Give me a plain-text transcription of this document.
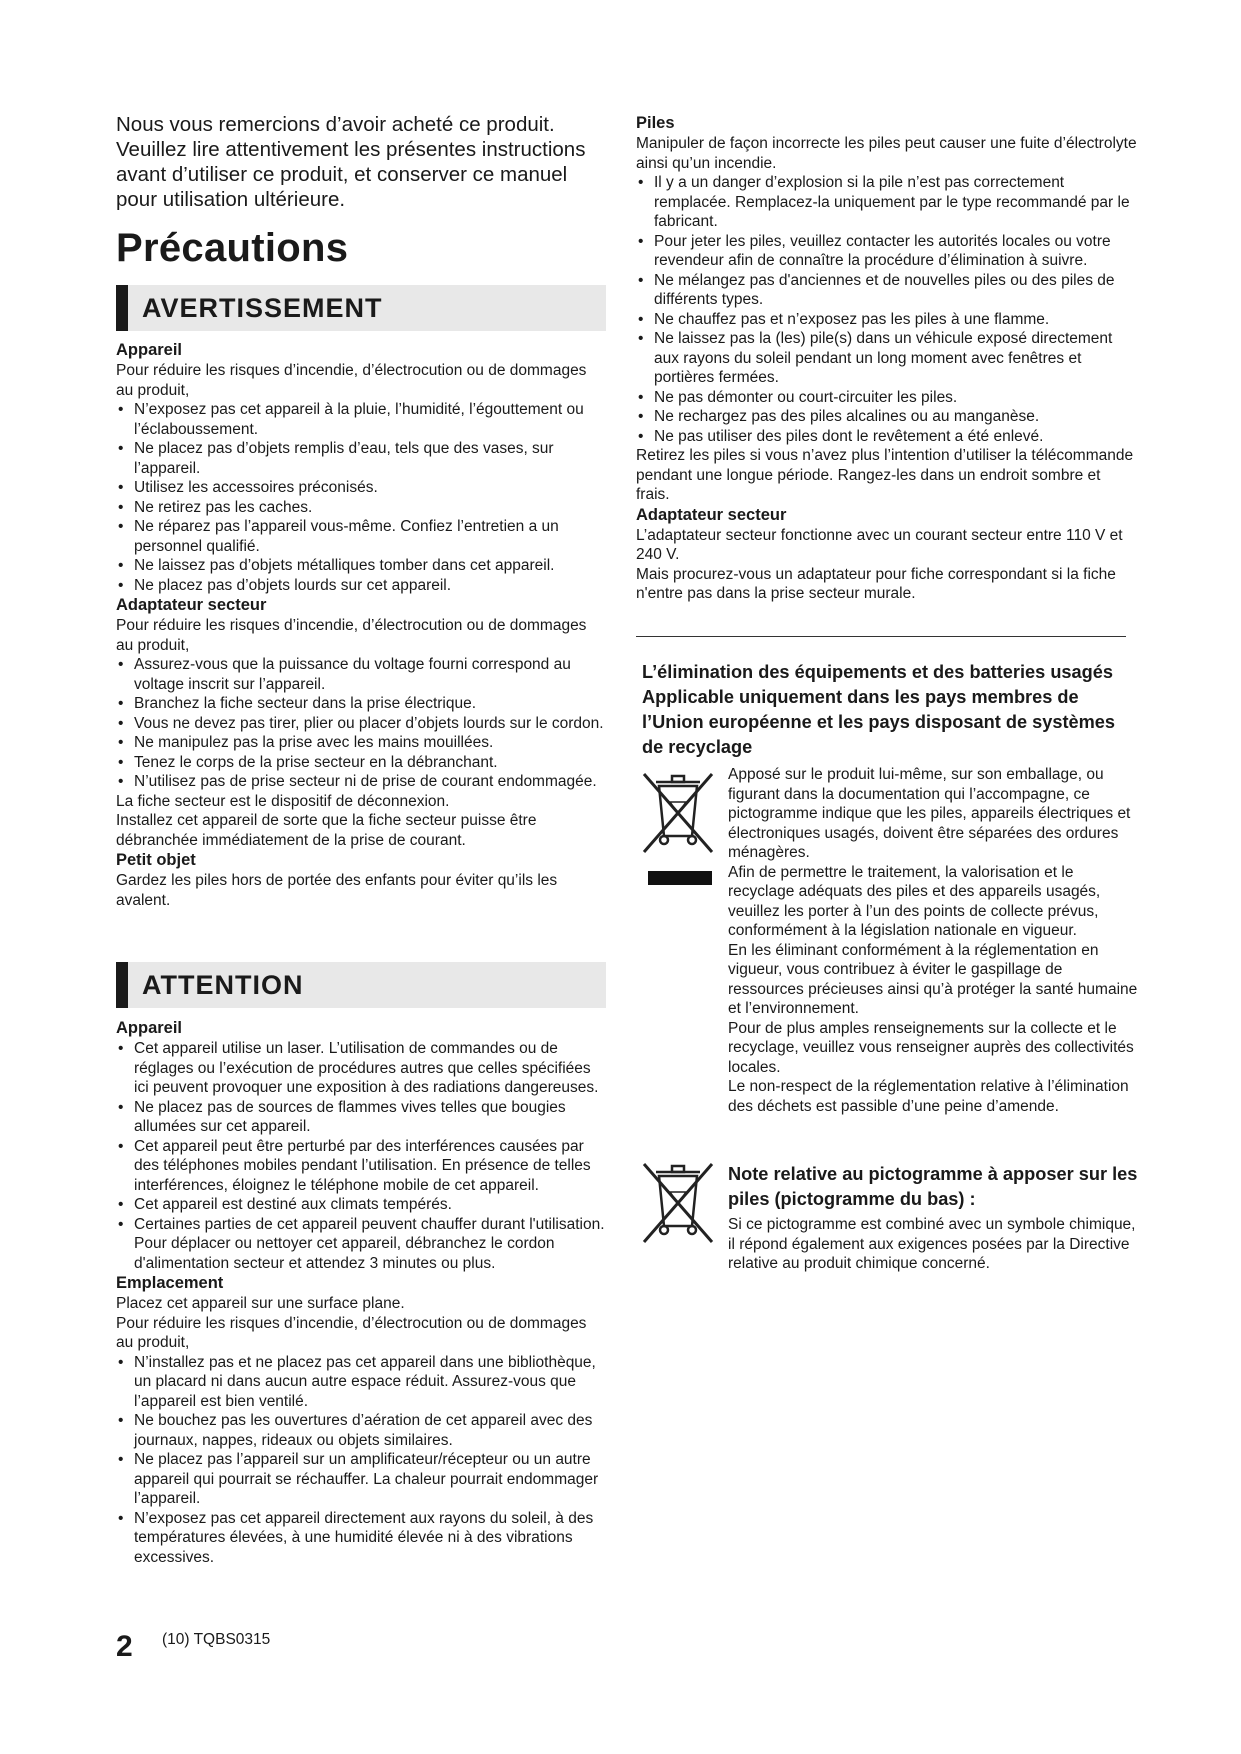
Nous vous remercions d’avoir acheté ce produit. Veuillez lire attentivement les présentes instructions avant d’utiliser ce produit, et conserver ce manuel pour utilisation ultérieure.

Précautions
AVERTISSEMENT
Appareil

Pour réduire les risques d’incendie, d’électrocution ou de dommages au produit,

• N’exposez pas cet appareil à la pluie, l’humidité, l’égouttement ou l’éclaboussement.
• Ne placez pas d’objets remplis d’eau, tels que des vases, sur l’appareil.
• Utilisez les accessoires préconisés.
• Ne retirez pas les caches.
• Ne réparez pas l’appareil vous-même. Confiez l’entretien a un personnel qualifié.
• Ne laissez pas d’objets métalliques tomber dans cet appareil.
• Ne placez pas d’objets lourds sur cet appareil.
Adaptateur secteur

Pour réduire les risques d’incendie, d’électrocution ou de dommages au produit,

• Assurez-vous que la puissance du voltage fourni correspond au voltage inscrit sur l’appareil.
• Branchez la fiche secteur dans la prise électrique.
• Vous ne devez pas tirer, plier ou placer d’objets lourds sur le cordon.
• Ne manipulez pas la prise avec les mains mouillées.
• Tenez le corps de la prise secteur en la débranchant.
• N’utilisez pas de prise secteur ni de prise de courant endommagée.

La fiche secteur est le dispositif de déconnexion.

Installez cet appareil de sorte que la fiche secteur puisse être débranchée immédiatement de la prise de courant.

Petit objet

Gardez les piles hors de portée des enfants pour éviter qu’ils les avalent.

ATTENTION
Appareil
• Cet appareil utilise un laser. L’utilisation de commandes ou de réglages ou l’exécution de procédures autres que celles spécifiées ici peuvent provoquer une exposition à des radiations dangereuses.
• Ne placez pas de sources de flammes vives telles que bougies allumées sur cet appareil.
• Cet appareil peut être perturbé par des interférences causées par des téléphones mobiles pendant l’utilisation. En présence de telles interférences, éloignez le téléphone mobile de cet appareil.
• Cet appareil est destiné aux climats tempérés.
• Certaines parties de cet appareil peuvent chauffer durant l'utilisation. Pour déplacer ou nettoyer cet appareil, débranchez le cordon d'alimentation secteur et attendez 3 minutes ou plus.
Emplacement

Placez cet appareil sur une surface plane.

Pour réduire les risques d’incendie, d’électrocution ou de dommages au produit,

• N’installez pas et ne placez pas cet appareil dans une bibliothèque, un placard ni dans aucun autre espace réduit. Assurez-vous que l’appareil est bien ventilé.
• Ne bouchez pas les ouvertures d’aération de cet appareil avec des journaux, nappes, rideaux ou objets similaires.
• Ne placez pas l’appareil sur un amplificateur/récepteur ou un autre appareil qui pourrait se réchauffer. La chaleur pourrait endommager l’appareil.
• N’exposez pas cet appareil directement aux rayons du soleil, à des températures élevées, à une humidité élevée ni à des vibrations excessives.
Piles

Manipuler de façon incorrecte les piles peut causer une fuite d’électrolyte ainsi qu’un incendie.

• Il y a un danger d’explosion si la pile n’est pas correctement remplacée. Remplacez-la uniquement par le type recommandé par le fabricant.
• Pour jeter les piles, veuillez contacter les autorités locales ou votre revendeur afin de connaître la procédure d’élimination à suivre.
• Ne mélangez pas d'anciennes et de nouvelles piles ou des piles de différents types.
• Ne chauffez pas et n’exposez pas les piles à une flamme.
• Ne laissez pas la (les) pile(s) dans un véhicule exposé directement aux rayons du soleil pendant un long moment avec fenêtres et portières fermées.
• Ne pas démonter ou court-circuiter les piles.
• Ne rechargez pas des piles alcalines ou au manganèse.
• Ne pas utiliser des piles dont le revêtement a été enlevé.

Retirez les piles si vous n’avez plus l’intention d’utiliser la télécommande pendant une longue période. Rangez-les dans un endroit sombre et frais.

Adaptateur secteur

L’adaptateur secteur fonctionne avec un courant secteur entre 110 V et 240 V.

Mais procurez-vous un adaptateur pour fiche correspondant si la fiche n'entre pas dans la prise secteur murale.

L’élimination des équipements et des batteries usagés Applicable uniquement dans les pays membres de l’Union européenne et les pays disposant de systèmes de recyclage

Apposé sur le produit lui-même, sur son emballage, ou figurant dans la documentation qui l’accompagne, ce pictogramme indique que les piles, appareils électriques et électroniques usagés, doivent être séparées des ordures ménagères.

Afin de permettre le traitement, la valorisation et le recyclage adéquats des piles et des appareils usagés, veuillez les porter à l’un des points de collecte prévus, conformément à la législation nationale en vigueur.

En les éliminant conformément à la réglementation en vigueur, vous contribuez à éviter le gaspillage de ressources précieuses ainsi qu’à protéger la santé humaine et l’environnement.

Pour de plus amples renseignements sur la collecte et le recyclage, veuillez vous renseigner auprès des collectivités locales.

Le non-respect de la réglementation relative à l’élimination des déchets est passible d’une peine d’amende.

Note relative au pictogramme à apposer sur les piles (pictogramme du bas) :

Si ce pictogramme est combiné avec un symbole chimique, il répond également aux exigences posées par la Directive relative au produit chimique concerné.

2 (10) TQBS0315
